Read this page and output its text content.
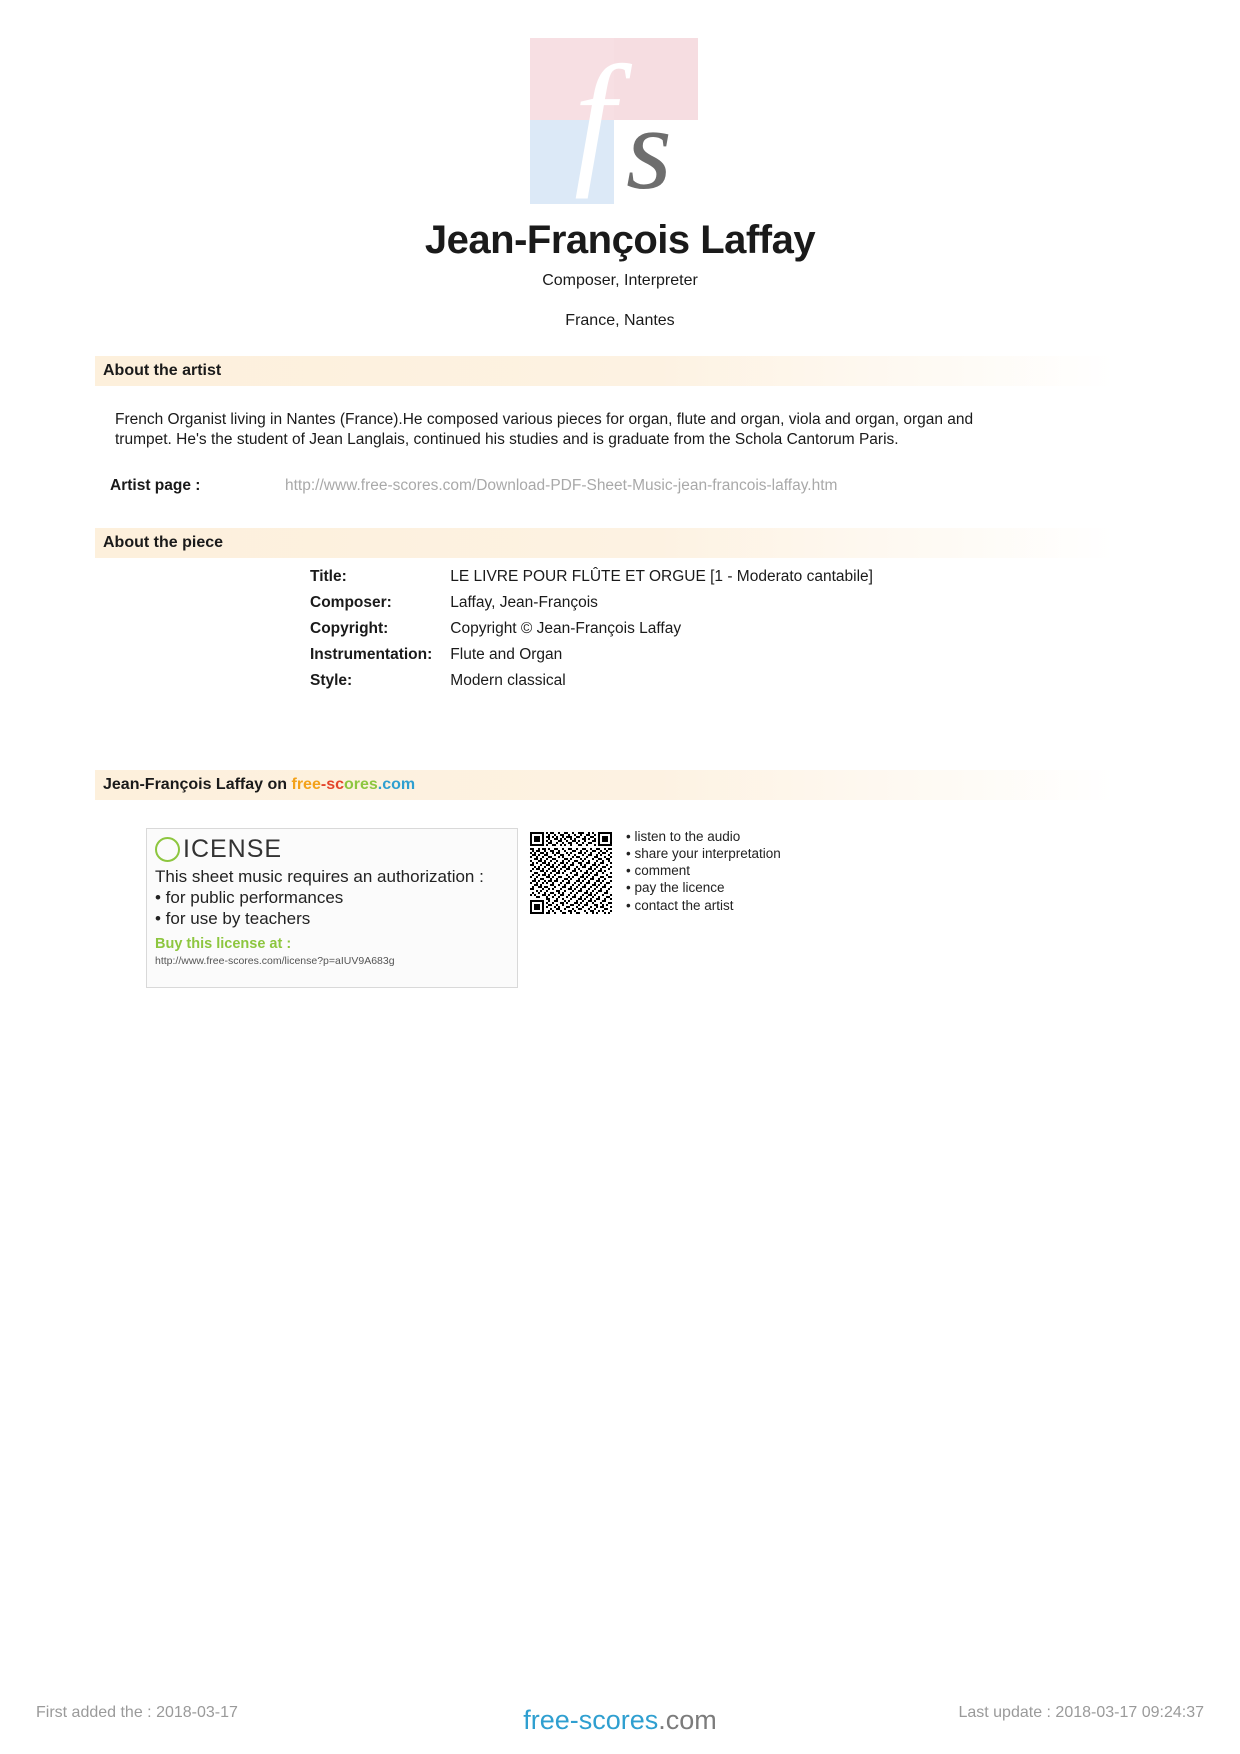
f s
Jean-François Laffay
Composer, Interpreter
France, Nantes
About the artist
French Organist living in Nantes (France).He composed various pieces for organ, flute and organ, viola and organ, organ and trumpet. He's the student of Jean Langlais, continued his studies and is graduate from the Schola Cantorum Paris.
Artist page :	http://www.free-scores.com/Download-PDF-Sheet-Music-jean-francois-laffay.htm
About the piece
Title:	LE LIVRE POUR FLÛTE ET ORGUE [1 - Moderato cantabile]
Composer:	Laffay, Jean-François
Copyright:	Copyright © Jean-François Laffay
Instrumentation:	Flute and Organ
Style:	Modern classical
Jean-François Laffay on free-scores.com
ICENSE
This sheet music requires an authorization :
• for public performances
• for use by teachers
Buy this license at :
http://www.free-scores.com/license?p=aIUV9A683g
• listen to the audio
• share your interpretation
• comment
• pay the licence
• contact the artist
First added the : 2018-03-17	Last update : 2018-03-17 09:24:37
free-scores.com
